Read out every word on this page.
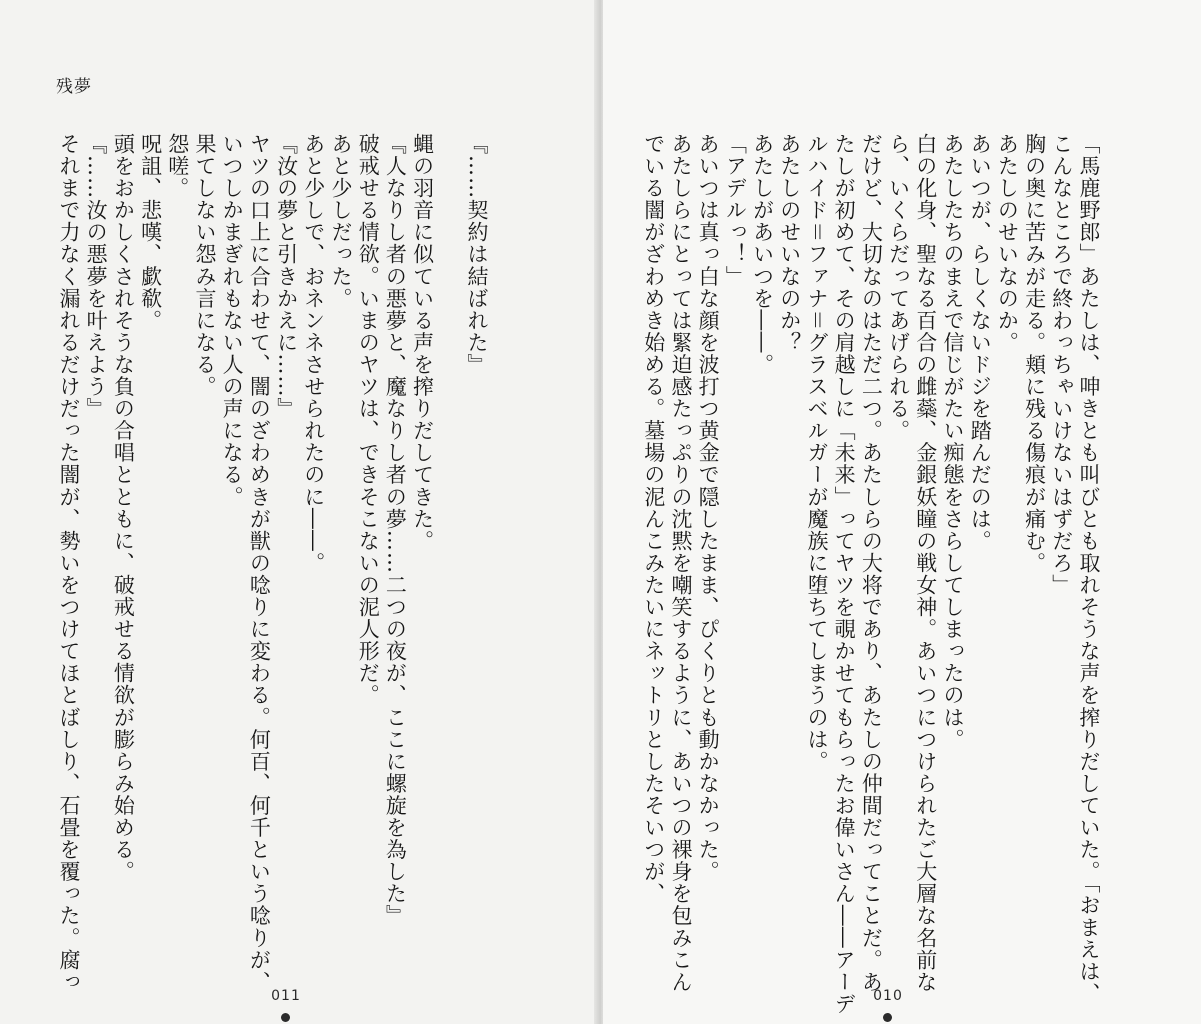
残夢

『……契約は結ばれた』

蝿の羽音に似ている声を搾りだしてきた。

『人なりし者の悪夢と、魔なりし者の夢……二つの夜が、ここに螺旋を為した』

破戒せる情欲。いまのヤツは、できそこないの泥人形だ。

あと少しだった。

あと少しで、おネンネさせられたのに――。

『汝の夢と引きかえに……』

ヤツの口上に合わせて、闇のざわめきが獣の唸りに変わる。何百、何千という唸りが、

いつしかまぎれもない人の声になる。

果てしない怨み言になる。

怨嗟。

呪詛、悲嘆、歔欷。

頭をおかしくされそうな負の合唱とともに、破戒せる情欲が膨らみ始める。

『……汝の悪夢を叶えよう』

それまで力なく漏れるだけだった闇が、勢いをつけてほとばしり、石畳を覆った。腐っ

011	「馬鹿野郎」あたしは、呻きとも叫びとも取れそうな声を搾りだしていた。「おまえは、

こんなところで終わっちゃいけないはずだろ」

胸の奥に苦みが走る。頬に残る傷痕が痛む。

あたしのせいなのか。

あいつが、らしくないドジを踏んだのは。

あたしたちのまえで信じがたい痴態をさらしてしまったのは。

白の化身、聖なる百合の雌蘂、金銀妖瞳の戦女神。あいつにつけられたご大層な名前な

ら、いくらだってあげられる。

だけど、大切なのはただ二つ。あたしらの大将であり、あたしの仲間だってことだ。あ

たしが初めて、その肩越しに「未来」ってヤツを覗かせてもらったお偉いさん――アーデ

ルハイド＝ファナ＝グラスベルガーが魔族に堕ちてしまうのは。

あたしのせいなのか？

あたしがあいつを――。

「アデルっ！」

あいつは真っ白な顔を波打つ黄金で隠したまま、ぴくりとも動かなかった。

あたしらにとっては緊迫感たっぷりの沈黙を嘲笑するように、あいつの裸身を包みこん

でいる闇がざわめき始める。墓場の泥んこみたいにネットリとしたそいつが、

010
